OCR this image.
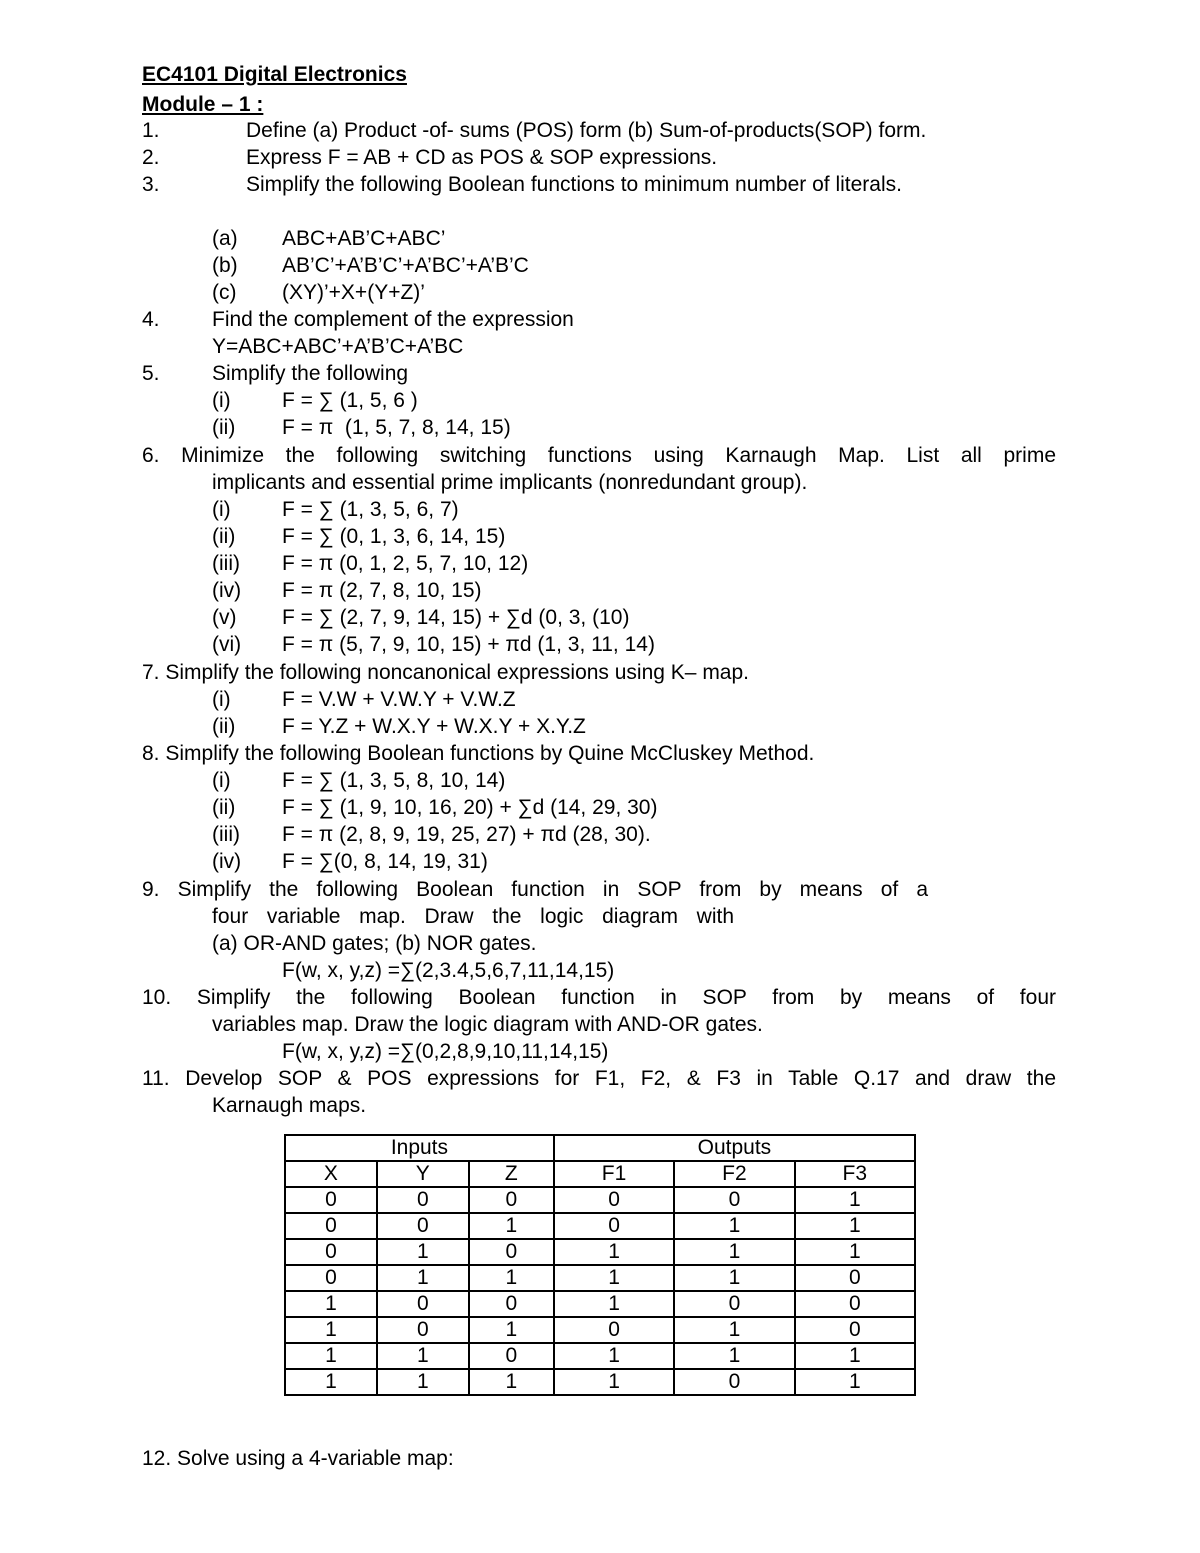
EC4101 Digital Electronics
Module – 1 :
1.	Define (a) Product -of- sums (POS) form (b) Sum-of-products(SOP) form.
2.	Express F = AB + CD as POS & SOP expressions.
3.	Simplify the following Boolean functions to minimum number of literals.
(a) ABC+AB’C+ABC’
(b) AB’C’+A’B’C’+A’BC’+A’B’C
(c) (XY)’+X+(Y+Z)’
4. Find the complement of the expression
Y=ABC+ABC’+A’B’C+A’BC
5. Simplify the following
(i) F = ∑ (1, 5, 6 )
(ii) F = π  (1, 5, 7, 8, 14, 15)
6. Minimize the following switching functions using Karnaugh Map. List all prime
implicants and essential prime implicants (nonredundant group).
(i) F = ∑ (1, 3, 5, 6, 7)
(ii) F = ∑ (0, 1, 3, 6, 14, 15)
(iii) F = π (0, 1, 2, 5, 7, 10, 12)
(iv) F = π (2, 7, 8, 10, 15)
(v) F = ∑ (2, 7, 9, 14, 15) + ∑d (0, 3, (10)
(vi) F = π (5, 7, 9, 10, 15) + πd (1, 3, 11, 14)
7. Simplify the following noncanonical expressions using K– map.
(i) F = V.W + V.W.Y + V.W.Z
(ii) F = Y.Z + W.X.Y + W.X.Y + X.Y.Z
8. Simplify the following Boolean functions by Quine McCluskey Method.
(i) F = ∑ (1, 3, 5, 8, 10, 14)
(ii) F = ∑ (1, 9, 10, 16, 20) + ∑d (14, 29, 30)
(iii) F = π (2, 8, 9, 19, 25, 27) + πd (28, 30).
(iv) F = ∑(0, 8, 14, 19, 31)
9. Simplify the following Boolean function in SOP from by means of a
four variable map. Draw the logic diagram with
(a) OR-AND gates; (b) NOR gates.
F(w, x, y,z) =∑(2,3.4,5,6,7,11,14,15)
10. Simplify the following Boolean function in SOP from by means of four
variables map. Draw the logic diagram with AND-OR gates.
F(w, x, y,z) =∑(0,2,8,9,10,11,14,15)
11. Develop SOP & POS expressions for F1, F2, & F3 in Table Q.17 and draw the
Karnaugh maps.
Inputs			Outputs		
X	Y	Z	F1	F2	F3
0	0	0	0	0	1
0	0	1	0	1	1
0	1	0	1	1	1
0	1	1	1	1	0
1	0	0	1	0	0
1	0	1	0	1	0
1	1	0	1	1	1
1	1	1	1	0	1
12. Solve using a 4-variable map:
